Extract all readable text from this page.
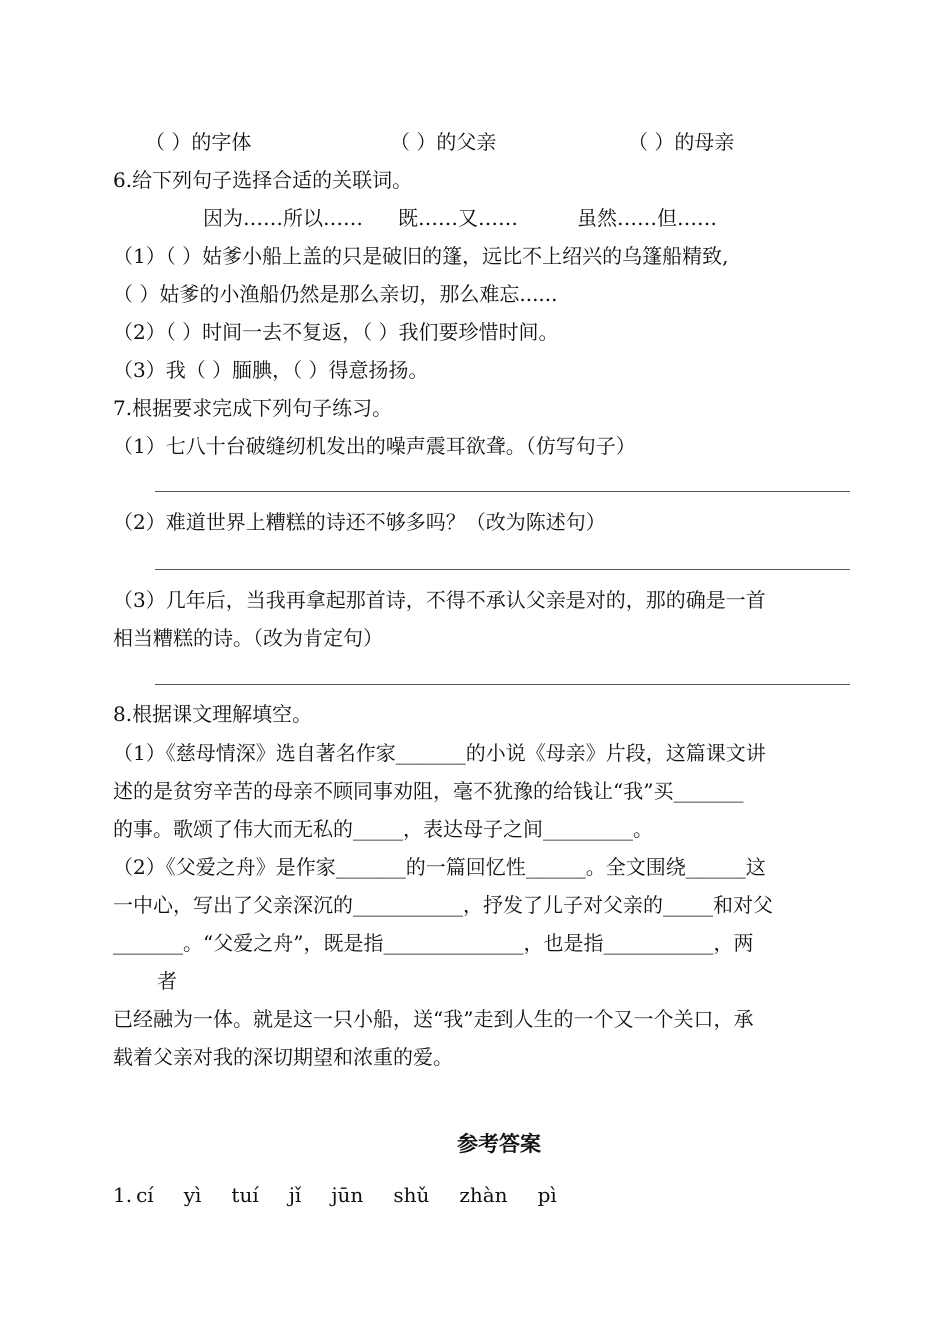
（ ）的字体	（ ）的父亲	（ ）的母亲
6.给下列句子选择合适的关联词。
因为……所以…… 既……又……	虽然……但……
（1）（ ）姑爹小船上盖的只是破旧的篷，远比不上绍兴的乌篷船精致,
（ ）姑爹的小渔船仍然是那么亲切，那么难忘......
（2）（ ）时间一去不复返，（ ）我们要珍惜时间。
（3）我（ ）腼腆，（ ）得意扬扬。
7.根据要求完成下列句子练习。
（1）七八十台破缝纫机发出的噪声震耳欲聋。（仿写句子）
（2）难道世界上糟糕的诗还不够多吗？（改为陈述句）
（3）几年后，当我再拿起那首诗，不得不承认父亲是对的，那的确是一首
相当糟糕的诗。（改为肯定句）
8.根据课文理解填空。
（1）《慈母情深》选自著名作家_______的小说《母亲》片段，这篇课文讲
述的是贫穷辛苦的母亲不顾同事劝阻，毫不犹豫的给钱让“我”买_______
的事。歌颂了伟大而无私的_____，表达母子之间_________。
（2）《父爱之舟》是作家_______的一篇回忆性______。全文围绕______这
一中心，写出了父亲深沉的___________，抒发了儿子对父亲的_____和对父
_______。“父爱之舟”，既是指______________，也是指___________，两
者
已经融为一体。就是这一只小船，送“我”走到人生的一个又一个关口，承
载着父亲对我的深切期望和浓重的爱。
参考答案
1. cí yì tuí jǐ jūn shǔ zhàn pì
